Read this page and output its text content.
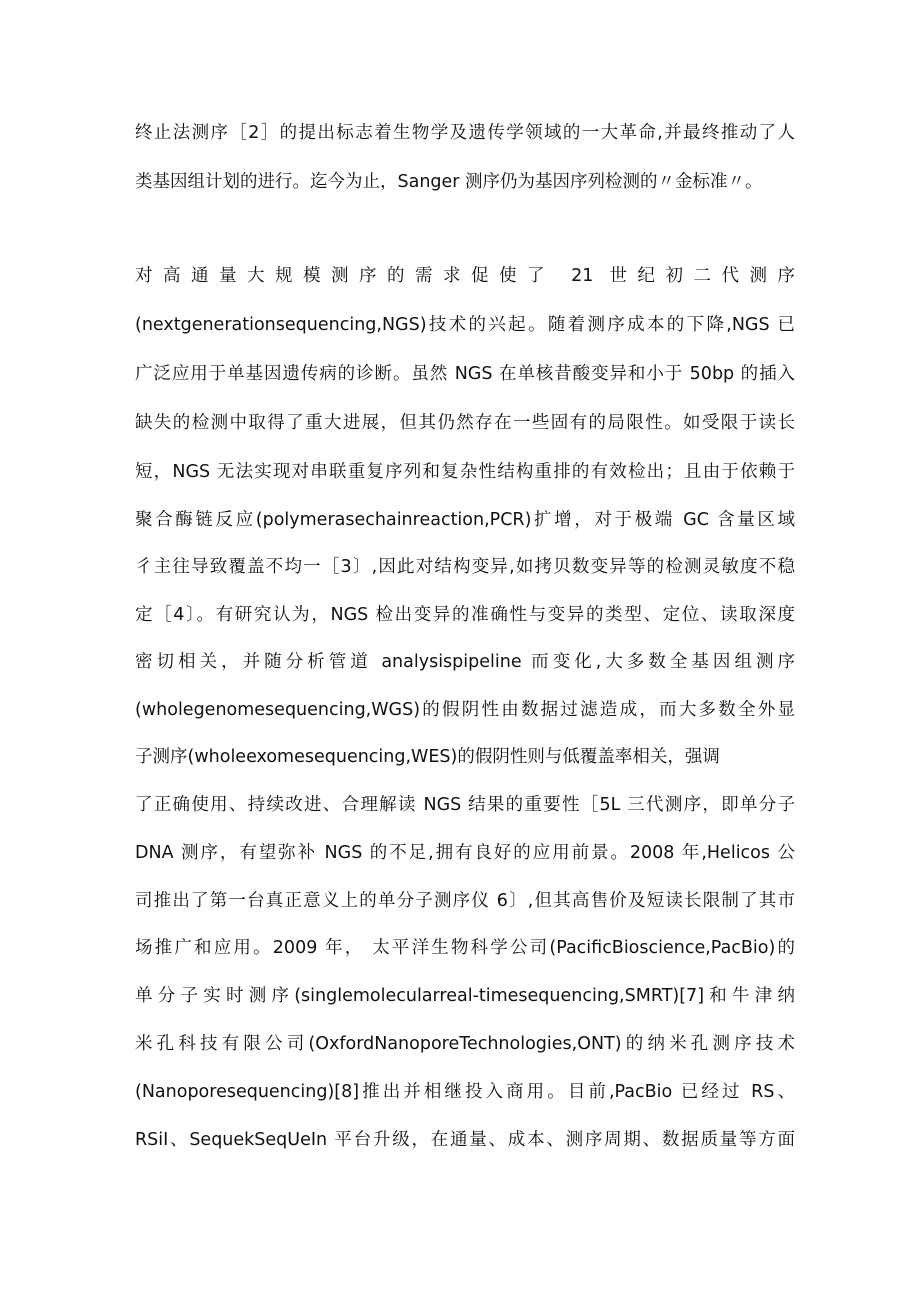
终止法测序［2］的提出标志着生物学及遗传学领域的一大革命,并最终推动了人
类基因组计划的进行。迄今为止，Sanger 测序仍为基因序列检测的〃金标准〃。
对高通量大规模测序的需求促使了 21 世纪初二代测序
(nextgenerationsequencing,NGS)技术的兴起。随着测序成本的下降,NGS 已
广泛应用于单基因遗传病的诊断。虽然 NGS 在单核昔酸变异和小于 50bp 的插入
缺失的检测中取得了重大进展，但其仍然存在一些固有的局限性。如受限于读长
短，NGS 无法实现对串联重复序列和复杂性结构重排的有效检出；且由于依赖于
聚合酶链反应(polymerasechainreaction,PCR)扩增，对于极端 GC 含量区域
彳主往导致覆盖不均一［3〕,因此对结构变异,如拷贝数变异等的检测灵敏度不稳
定［4〕。有研究认为，NGS 检出变异的准确性与变异的类型、定位、读取深度
密切相关，并随分析管道 analysispipeline 而变化,大多数全基因组测序
(wholegenomesequencing,WGS)的假阴性由数据过滤造成，而大多数全外显
子测序(wholeexomesequencing,WES)的假阴性则与低覆盖率相关，强调
了正确使用、持续改进、合理解读 NGS 结果的重要性［5L 三代测序，即单分子
DNA 测序，有望弥补 NGS 的不足,拥有良好的应用前景。2008 年,Helicos 公
司推出了第一台真正意义上的单分子测序仪 6〕,但其高售价及短读长限制了其市
场推广和应用。2009 年， 太平洋生物科学公司(PacificBioscience,PacBio)的
单分子实时测序(singlemolecularreal-timesequencing,SMRT)[7]和牛津纳
米孔科技有限公司(OxfordNanoporeTechnologies,ONT)的纳米孔测序技术
(Nanoporesequencing)[8]推出并相继投入商用。目前,PacBio 已经过 RS、
RSiI、SequekSeqUeIn 平台升级，在通量、成本、测序周期、数据质量等方面
